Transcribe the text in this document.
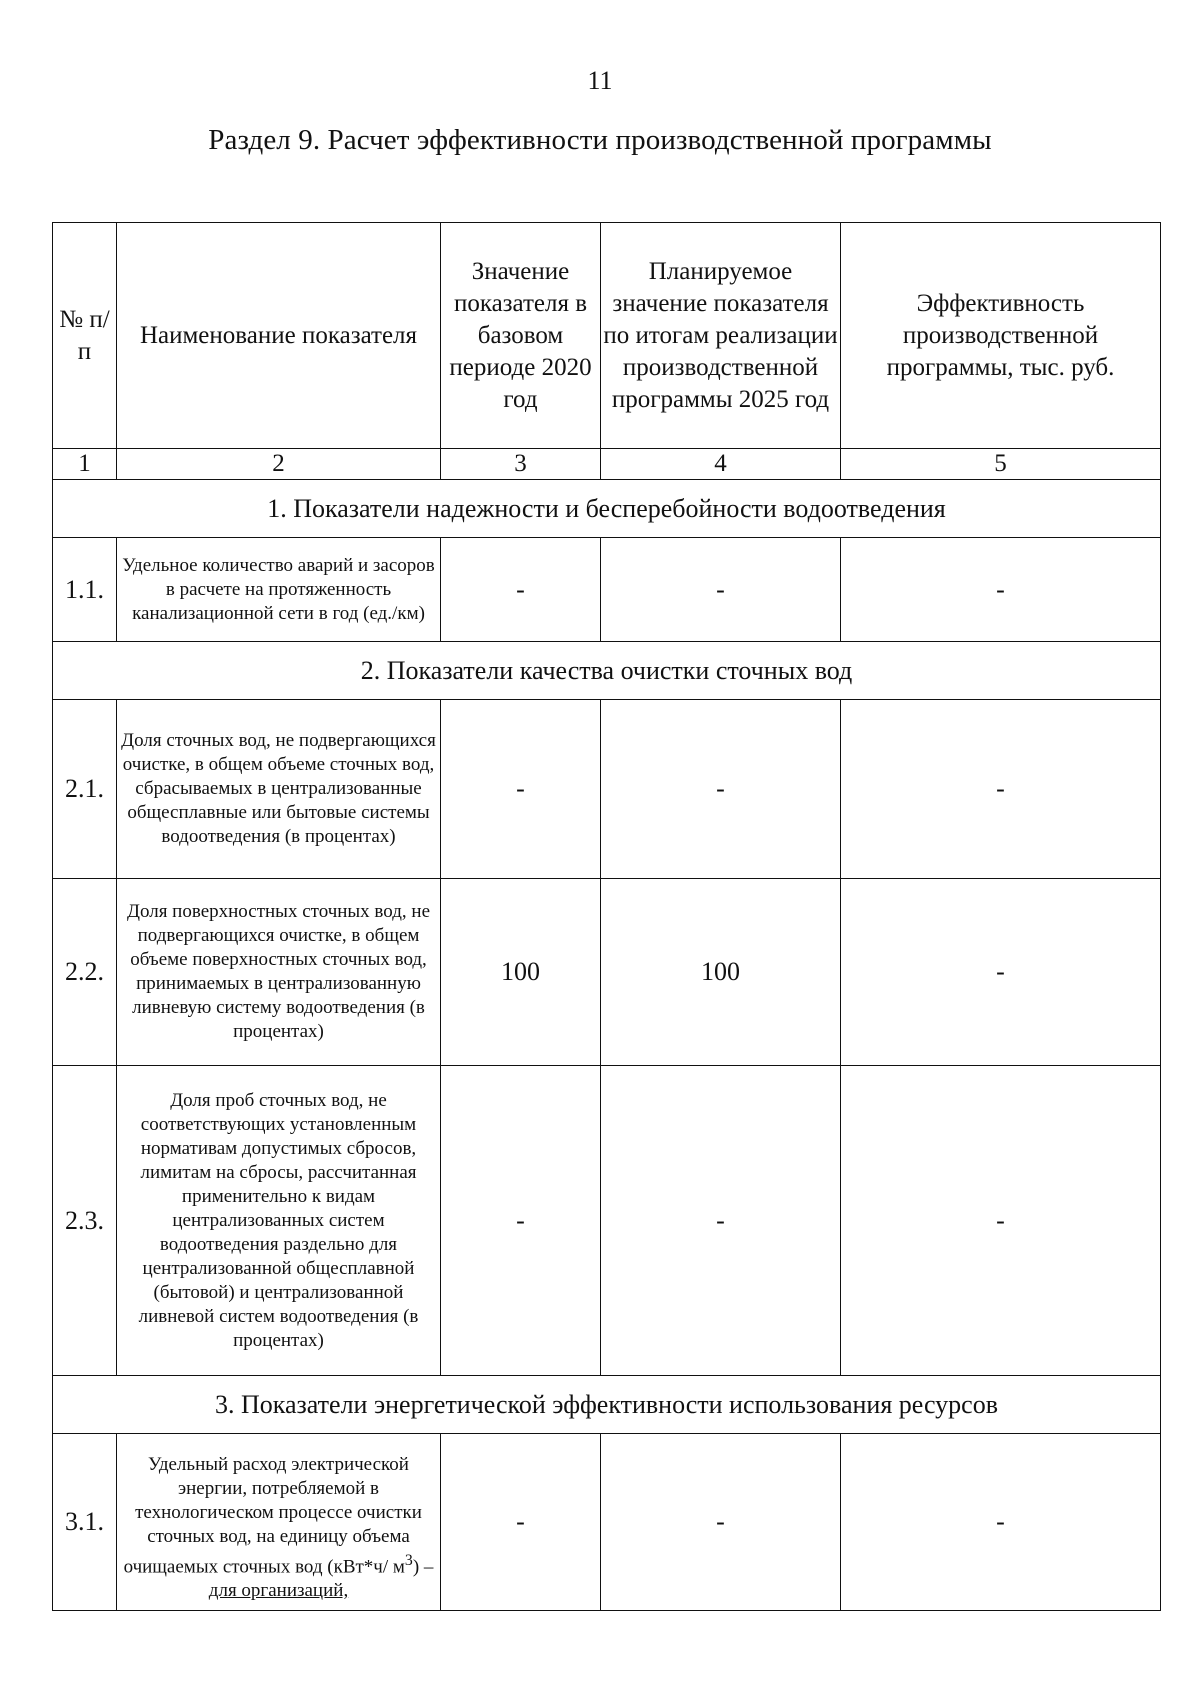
11
Раздел 9. Расчет эффективности производственной программы
№ п/п	Наименование показателя	Значение показателя в базовом периоде 2020 год	Планируемое значение показателя по итогам реализации производственной программы 2025 год	Эффективность производственной программы, тыс. руб.
1	2	3	4	5
1. Показатели надежности и бесперебойности водоотведения				
1.1.	Удельное количество аварий и засоров в расчете на протяженность канализационной сети в год (ед./км)	-	-	-
2. Показатели качества очистки сточных вод				
2.1.	Доля сточных вод, не подвергающихся очистке, в общем объеме сточных вод, сбрасываемых в централизованные общесплавные или бытовые системы водоотведения (в процентах)	-	-	-
2.2.	Доля поверхностных сточных вод, не подвергающихся очистке, в общем объеме поверхностных сточных вод, принимаемых в централизованную ливневую систему водоотведения (в процентах)	100	100	-
2.3.	Доля проб сточных вод, не соответствующих установленным нормативам допустимых сбросов, лимитам на сбросы, рассчитанная применительно к видам централизованных систем водоотведения раздельно для централизованной общесплавной (бытовой) и централизованной ливневой систем водоотведения (в процентах)	-	-	-
3. Показатели энергетической эффективности использования ресурсов				
3.1.	Удельный расход электрической энергии, потребляемой в технологическом процессе очистки сточных вод, на единицу объема очищаемых сточных вод (кВт*ч/ $м^3$) – для организаций,	-	-	-
